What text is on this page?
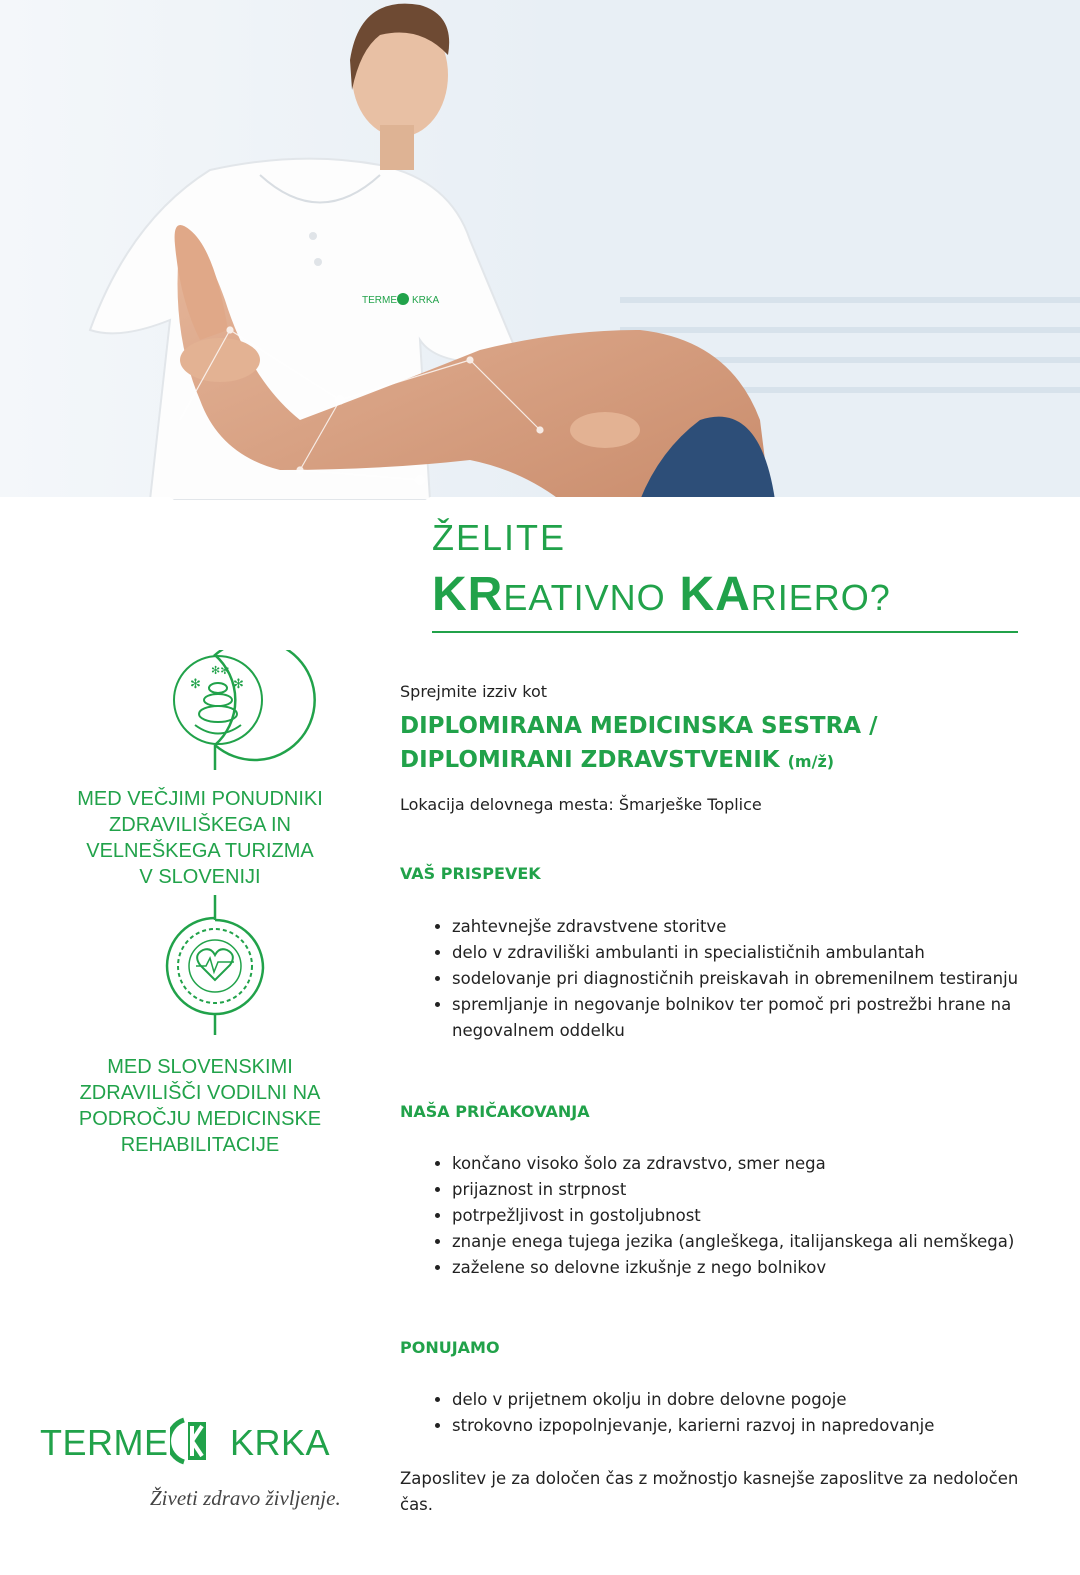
TERME KRKA
ŽELITE
KREATIVNO KARIERO?
✻ ✻
✻✻
MED VEČJIMI PONUDNIKI
ZDRAVILIŠKEGA IN
VELNEŠKEGA TURIZMA
V SLOVENIJI
MED SLOVENSKIMI
ZDRAVILIŠČI VODILNI NA
PODROČJU MEDICINSKE
REHABILITACIJE

Sprejmite izziv kot

DIPLOMIRANA MEDICINSKA SESTRA /
DIPLOMIRANI ZDRAVSTVENIK (m/ž)

Lokacija delovnega mesta: Šmarješke Toplice

VAŠ PRISPEVEK

• zahtevnejše zdravstvene storitve
• delo v zdraviliški ambulanti in specialističnih ambulantah
• sodelovanje pri diagnostičnih preiskavah in obremenilnem testiranju
• spremljanje in negovanje bolnikov ter pomoč pri postrežbi hrane na negovalnem oddelku

NAŠA PRIČAKOVANJA

• končano visoko šolo za zdravstvo, smer nega
• prijaznost in strpnost
• potrpežljivost in gostoljubnost
• znanje enega tujega jezika (angleškega, italijanskega ali nemškega)
• zaželene so delovne izkušnje z nego bolnikov

PONUJAMO

• delo v prijetnem okolju in dobre delovne pogoje
• strokovno izpopolnjevanje, karierni razvoj in napredovanje

Zaposlitev je za določen čas z možnostjo kasnejše zaposlitve za nedoločen čas.

TERME KRKA
Živeti zdravo življenje.
